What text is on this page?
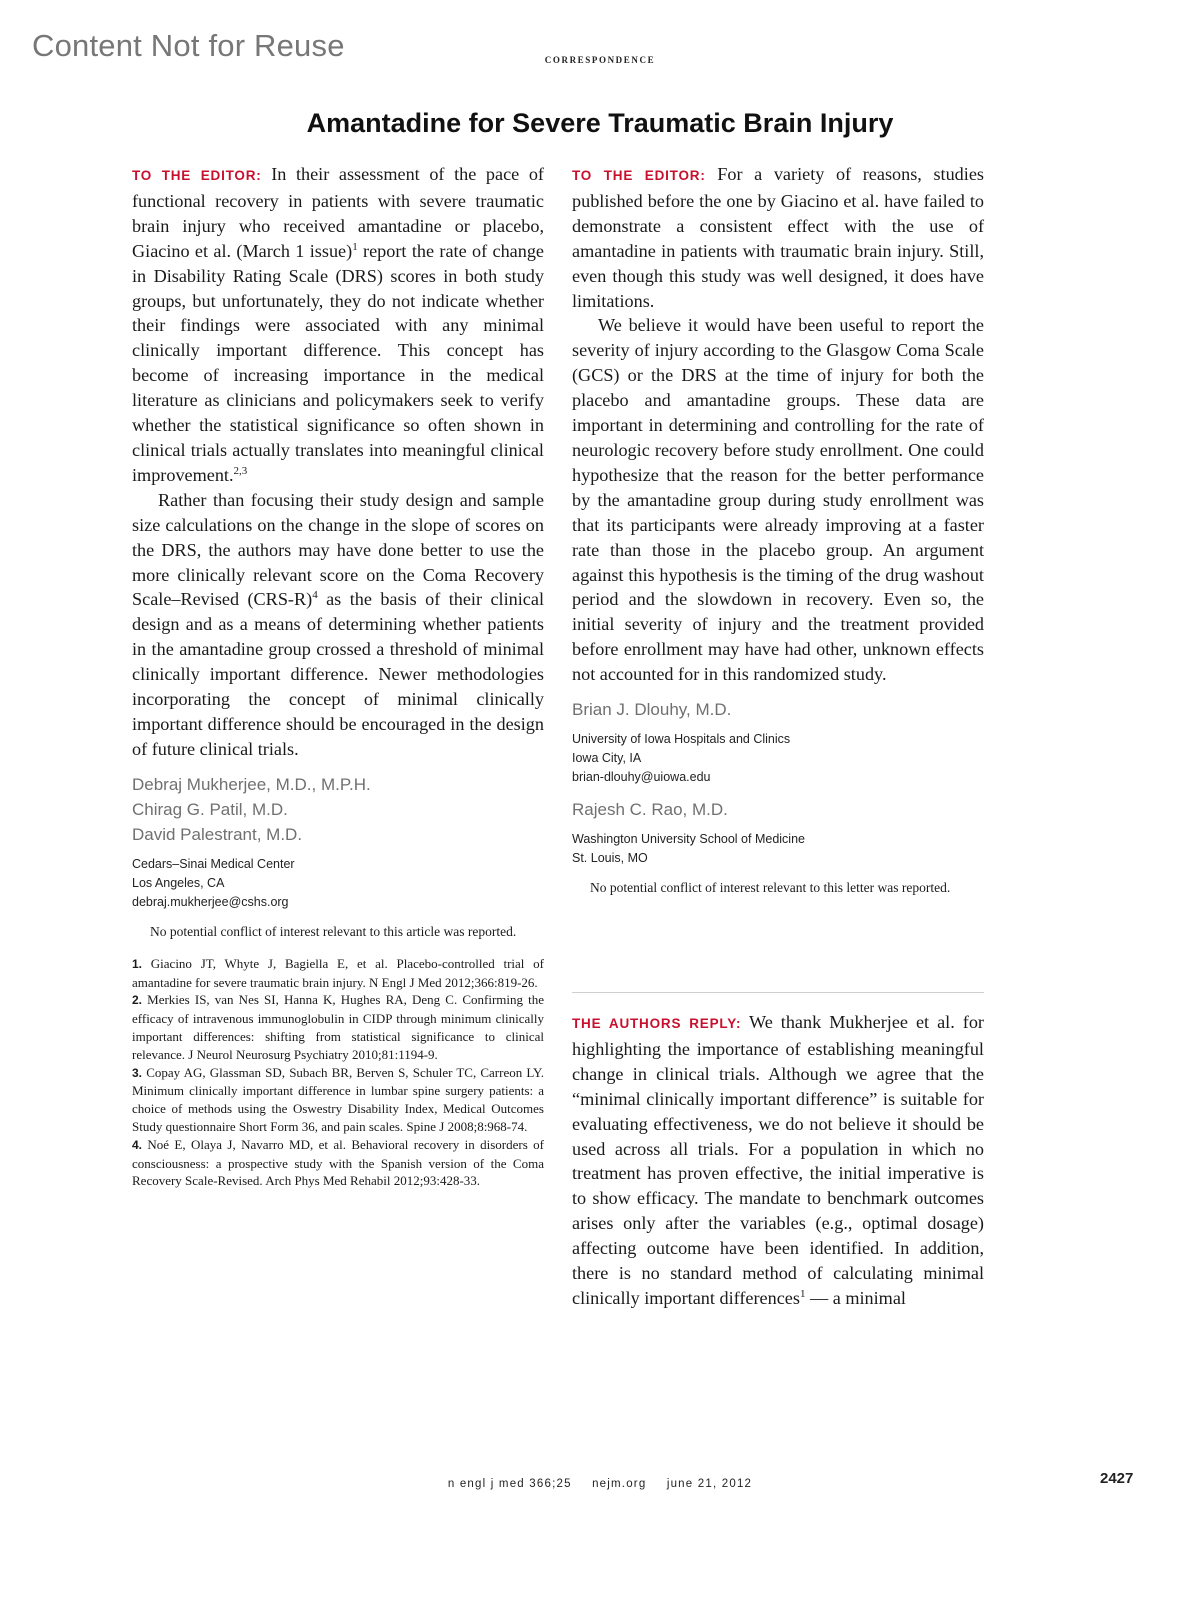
Content Not for Reuse	correspondence
Amantadine for Severe Traumatic Brain Injury

TO THE EDITOR: In their assessment of the pace of functional recovery in patients with severe traumatic brain injury who received amantadine or placebo, Giacino et al. (March 1 issue)$^1$ report the rate of change in Disability Rating Scale (DRS) scores in both study groups, but unfortunately, they do not indicate whether their findings were associated with any minimal clinically important difference. This concept has become of increasing importance in the medical literature as clinicians and policymakers seek to verify whether the statistical significance so often shown in clinical trials actually translates into meaningful clinical improvement.$^{2,3}$

Rather than focusing their study design and sample size calculations on the change in the slope of scores on the DRS, the authors may have done better to use the more clinically relevant score on the Coma Recovery Scale–Revised $(CRS-R)^4$ as the basis of their clinical design and as a means of determining whether patients in the amantadine group crossed a threshold of minimal clinically important difference. Newer methodologies incorporating the concept of minimal clinically important difference should be encouraged in the design of future clinical trials.

Debraj Mukherjee, M.D., M.P.H.
Chirag G. Patil, M.D.
David Palestrant, M.D.
Cedars–Sinai Medical Center
Los Angeles, CA
debraj.mukherjee@cshs.org

No potential conflict of interest relevant to this article was reported.

1. Giacino JT, Whyte J, Bagiella E, et al. Placebo-controlled trial of amantadine for severe traumatic brain injury. N Engl J Med 2012;366:819-26.

2. Merkies IS, van Nes SI, Hanna K, Hughes RA, Deng C. Confirming the efficacy of intravenous immunoglobulin in CIDP through minimum clinically important differences: shifting from statistical significance to clinical relevance. J Neurol Neurosurg Psychiatry 2010;81:1194-9.

3. Copay AG, Glassman SD, Subach BR, Berven S, Schuler TC, Carreon LY. Minimum clinically important difference in lumbar spine surgery patients: a choice of methods using the Oswestry Disability Index, Medical Outcomes Study questionnaire Short Form 36, and pain scales. Spine J 2008;8:968-74.

4. Noé E, Olaya J, Navarro MD, et al. Behavioral recovery in disorders of consciousness: a prospective study with the Spanish version of the Coma Recovery Scale-Revised. Arch Phys Med Rehabil 2012;93:428-33.

TO THE EDITOR: For a variety of reasons, studies published before the one by Giacino et al. have failed to demonstrate a consistent effect with the use of amantadine in patients with traumatic brain injury. Still, even though this study was well designed, it does have limitations.

We believe it would have been useful to report the severity of injury according to the Glasgow Coma Scale (GCS) or the DRS at the time of injury for both the placebo and amantadine groups. These data are important in determining and controlling for the rate of neurologic recovery before study enrollment. One could hypothesize that the reason for the better performance by the amantadine group during study enrollment was that its participants were already improving at a faster rate than those in the placebo group. An argument against this hypothesis is the timing of the drug washout period and the slowdown in recovery. Even so, the initial severity of injury and the treatment provided before enrollment may have had other, unknown effects not accounted for in this randomized study.

Brian J. Dlouhy, M.D.
University of Iowa Hospitals and Clinics
Iowa City, IA
brian-dlouhy@uiowa.edu
Rajesh C. Rao, M.D.
Washington University School of Medicine
St. Louis, MO

No potential conflict of interest relevant to this letter was reported.

THE AUTHORS REPLY: We thank Mukherjee et al. for highlighting the importance of establishing meaningful change in clinical trials. Although we agree that the “minimal clinically important difference” is suitable for evaluating effectiveness, we do not believe it should be used across all trials. For a population in which no treatment has proven effective, the initial imperative is to show efficacy. The mandate to benchmark outcomes arises only after the variables (e.g., optimal dosage) affecting outcome have been identified. In addition, there is no standard method of calculating minimal clinically important differences$^1$ — a minimal

n engl j med 366;25 nejm.org june 21, 2012	2427
